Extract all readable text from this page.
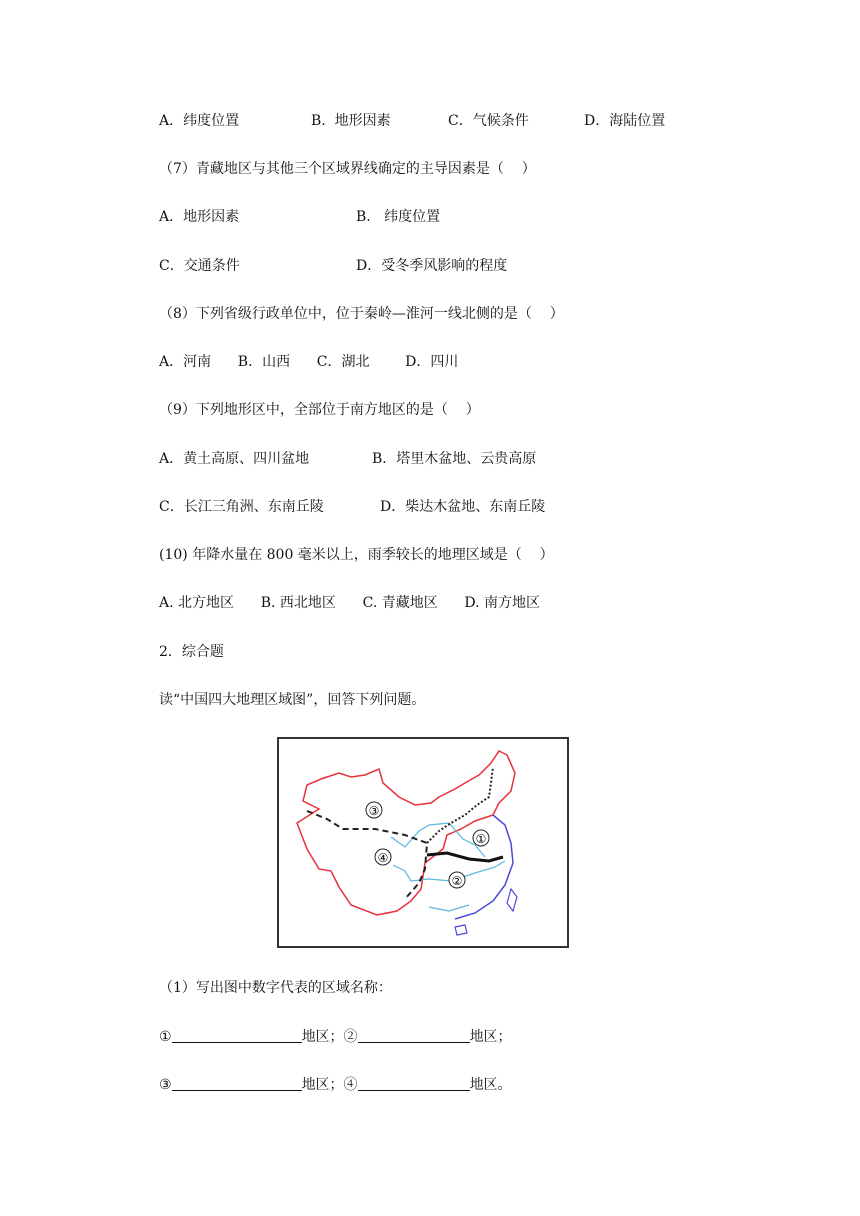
A．纬度位置	B.  地形因素	C．气候条件	D．海陆位置
（7）青藏地区与其他三个区域界线确定的主导因素是（    ）
A．地形因素	B.   纬度位置
C．交通条件	D．受冬季风影响的程度
（8）下列省级行政单位中，位于秦岭—淮河一线北侧的是（    ）
A．河南      B．山西      C．湖北        D．四川
（9）下列地形区中，全部位于南方地区的是（    ）
A．黄土高原、四川盆地	B．塔里木盆地、云贵高原
C．长江三角洲、东南丘陵	D．柴达木盆地、东南丘陵
(10) 年降水量在 800 毫米以上，雨季较长的地理区域是（    ）
A. 北方地区      B. 西北地区      C. 青藏地区      D. 南方地区
2．综合题
读“中国四大地理区域图”，回答下列问题。
①
②
③
④
（1）写出图中数字代表的区域名称：
①	地区；②	地区；
③	地区；④	地区。
